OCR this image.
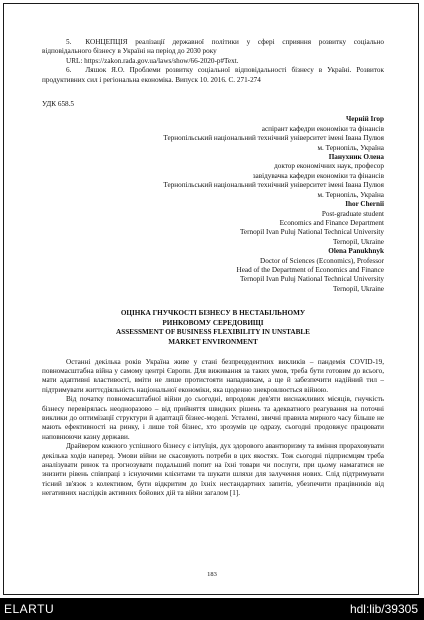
5. КОНЦЕПЦІЯ реалізації державної політики у сфері сприяння розвитку соціально відповідального бізнесу в Україні на період до 2030 року

URL: https://zakon.rada.gov.ua/laws/show/66-2020-р#Text.

6. Ляшок Я.О. Проблеми розвитку соціальної відповідальності бізнесу в Україні. Розвиток продуктивних сил і регіональна економіка. Випуск 10. 2016. С. 271-274

УДК 658.5

Черній Ігор

аспірант кафедри економіки та фінансів

Тернопільський національний технічний університет імені Івана Пулюя

м. Тернопіль, Україна

Панухник Олена

доктор економічних наук, професор

завідувачка кафедри економіки та фінансів

Тернопільський національний технічний університет імені Івана Пулюя

м. Тернопіль, Україна

Ihor Chernii

Post-graduate student

Economics and Finance Department

Ternopil Ivan Puluj National Technical University

Ternopil, Ukraine

Olena Panukhnyk

Doctor of Sciences (Economics), Professor

Head of the Department of Economics and Finance

Ternopil Ivan Puluj National Technical University

Ternopil, Ukraine

ОЦІНКА ГНУЧКОСТІ БІЗНЕСУ В НЕСТАБІЛЬНОМУ
РИНКОВОМУ СЕРЕДОВИЩІ
ASSESSMENT OF BUSINESS FLEXIBILITY IN UNSTABLE
MARKET ENVIRONMENT

Останні декілька років Україна живе у стані безпрецедентних викликів – пандемія COVID-19, повномасштабна війна у самому центрі Європи. Для виживання за таких умов, треба бути готовим до всього, мати адаптивні властивості, вміти не лише протистояти нападникам, а ще й забезпечити надійний тил – підтримувати життєдіяльність національної економіки, яка щоденно знекровлюється війною.

Від початку повномасштабної війни до сьогодні, впродовж дев'яти виснажливих місяців, гнучкість бізнесу перевірялась неодноразово – від прийняття швидких рішень та адекватного реагування на поточні виклики до оптимізації структури й адаптації бізнес-моделі. Усталені, звичні правила мирного часу більше не мають ефективності на ринку, і лише той бізнес, хто зрозумів це одразу, сьогодні продовжує працювати наповнюючи казну держави.

Драйвером кожного успішного бізнесу є інтуїція, дух здорового авантюризму та вміння прораховувати декілька ходів наперед. Умови війни не скасовують потреби в цих якостях. Тож сьогодні підприємцям треба аналізувати ринок та прогнозувати подальший попит на їхні товари чи послуги, при цьому намагатися не знизити рівень співпраці з існуючими клієнтами та шукати шляхи для залучення нових. Слід підтримувати тісний зв'язок з колективом, бути відкритим до їхніх нестандартних запитів, убезпечити працівників від негативних наслідків активних бойових дій та війни загалом [1].

183
ELARTU	hdl:lib/39305
